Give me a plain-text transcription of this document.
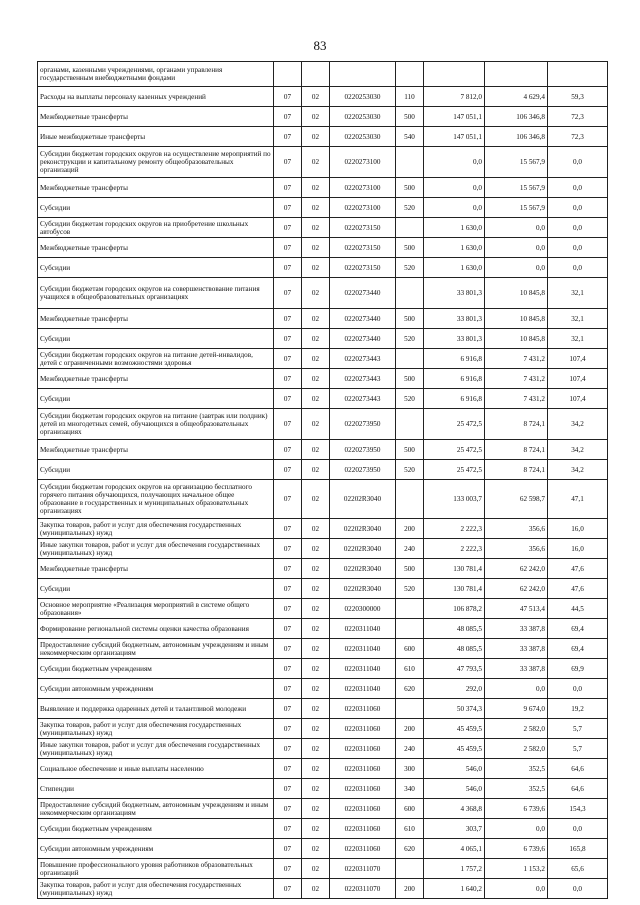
83
органами, казенными учреждениями, органами управления государственным внебюджетными фондами							
Расходы на выплаты персоналу казенных учреждений	07	02	0220253030	110	7 812,0	4 629,4	59,3
Межбюджетные трансферты	07	02	0220253030	500	147 051,1	106 346,8	72,3
Иные межбюджетные трансферты	07	02	0220253030	540	147 051,1	106 346,8	72,3
Субсидии бюджетам городских округов на осуществление мероприятий по реконструкции и капитальному ремонту общеобразовательных организаций	07	02	0220273100		0,0	15 567,9	0,0
Межбюджетные трансферты	07	02	0220273100	500	0,0	15 567,9	0,0
Субсидии	07	02	0220273100	520	0,0	15 567,9	0,0
Субсидии бюджетам городских округов на приобретение школьных автобусов	07	02	0220273150		1 630,0	0,0	0,0
Межбюджетные трансферты	07	02	0220273150	500	1 630,0	0,0	0,0
Субсидии	07	02	0220273150	520	1 630,0	0,0	0,0
Субсидии бюджетам городских округов на совершенствование питания учащихся в общеобразовательных организациях	07	02	0220273440		33 801,3	10 845,8	32,1
Межбюджетные трансферты	07	02	0220273440	500	33 801,3	10 845,8	32,1
Субсидии	07	02	0220273440	520	33 801,3	10 845,8	32,1
Субсидии бюджетам городских округов на питание детей-инвалидов, детей с ограниченными возможностями здоровья	07	02	0220273443		6 916,8	7 431,2	107,4
Межбюджетные трансферты	07	02	0220273443	500	6 916,8	7 431,2	107,4
Субсидии	07	02	0220273443	520	6 916,8	7 431,2	107,4
Субсидии бюджетам городских округов на питание (завтрак или полдник) детей из многодетных семей, обучающихся в общеобразовательных организациях	07	02	0220273950		25 472,5	8 724,1	34,2
Межбюджетные трансферты	07	02	0220273950	500	25 472,5	8 724,1	34,2
Субсидии	07	02	0220273950	520	25 472,5	8 724,1	34,2
Субсидии бюджетам городских округов на организацию бесплатного горячего питания обучающихся, получающих начальное общее образование в государственных и муниципальных образовательных организациях	07	02	02202R3040		133 003,7	62 598,7	47,1
Закупка товаров, работ и услуг для обеспечения государственных (муниципальных) нужд	07	02	02202R3040	200	2 222,3	356,6	16,0
Иные закупки товаров, работ и услуг для обеспечения государственных (муниципальных) нужд	07	02	02202R3040	240	2 222,3	356,6	16,0
Межбюджетные трансферты	07	02	02202R3040	500	130 781,4	62 242,0	47,6
Субсидии	07	02	02202R3040	520	130 781,4	62 242,0	47,6
Основное мероприятие «Реализация мероприятий в системе общего образования»	07	02	0220300000		106 878,2	47 513,4	44,5
Формирование региональной системы оценки качества образования	07	02	0220311040		48 085,5	33 387,8	69,4
Предоставление субсидий бюджетным, автономным учреждениям и иным некоммерческим организациям	07	02	0220311040	600	48 085,5	33 387,8	69,4
Субсидии бюджетным учреждениям	07	02	0220311040	610	47 793,5	33 387,8	69,9
Субсидии автономным учреждениям	07	02	0220311040	620	292,0	0,0	0,0
Выявление и поддержка одаренных детей и талантливой молодежи	07	02	0220311060		50 374,3	9 674,0	19,2
Закупка товаров, работ и услуг для обеспечения государственных (муниципальных) нужд	07	02	0220311060	200	45 459,5	2 582,0	5,7
Иные закупки товаров, работ и услуг для обеспечения государственных (муниципальных) нужд	07	02	0220311060	240	45 459,5	2 582,0	5,7
Социальное обеспечение и иные выплаты населению	07	02	0220311060	300	546,0	352,5	64,6
Стипендии	07	02	0220311060	340	546,0	352,5	64,6
Предоставление субсидий бюджетным, автономным учреждениям и иным некоммерческим организациям	07	02	0220311060	600	4 368,8	6 739,6	154,3
Субсидии бюджетным учреждениям	07	02	0220311060	610	303,7	0,0	0,0
Субсидии автономным учреждениям	07	02	0220311060	620	4 065,1	6 739,6	165,8
Повышение профессионального уровня работников образовательных организаций	07	02	0220311070		1 757,2	1 153,2	65,6
Закупка товаров, работ и услуг для обеспечения государственных (муниципальных) нужд	07	02	0220311070	200	1 640,2	0,0	0,0
